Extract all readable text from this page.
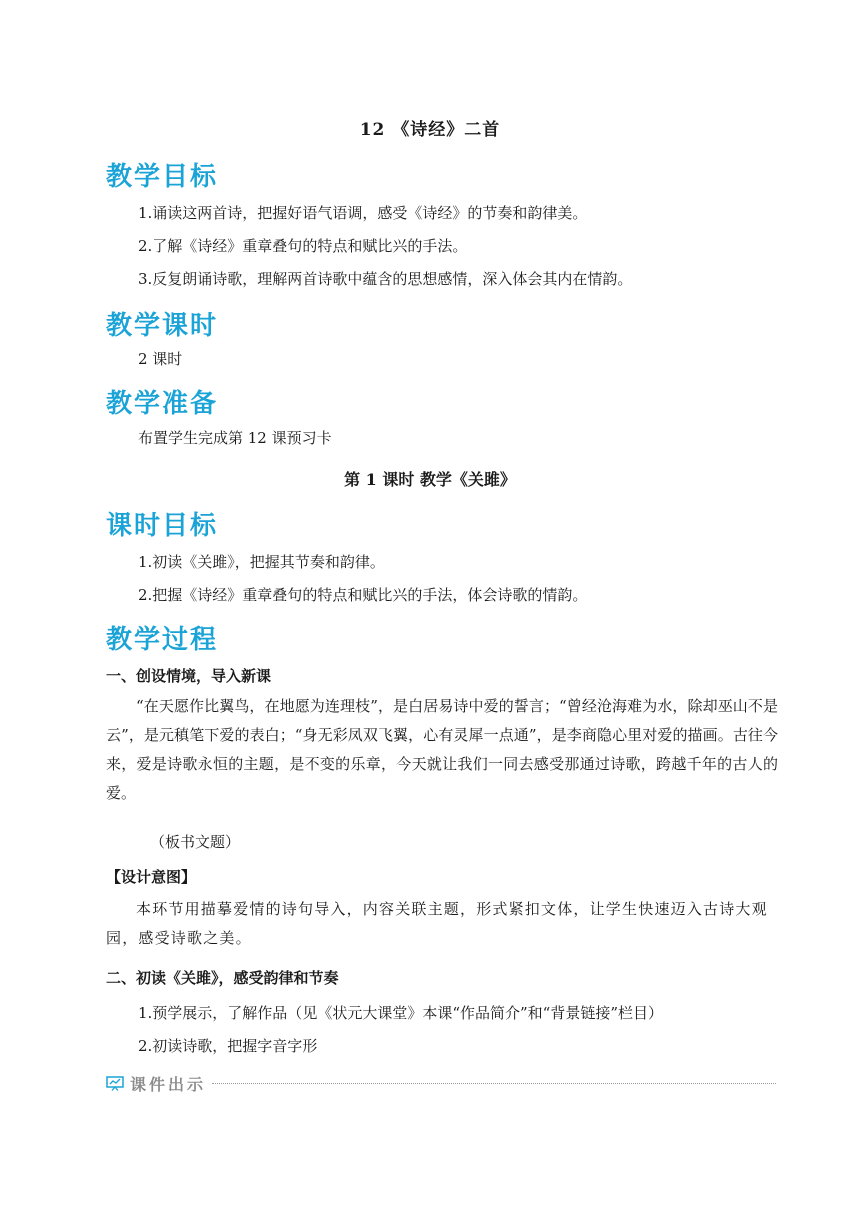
12 《诗经》二首
教学目标
1.诵读这两首诗，把握好语气语调，感受《诗经》的节奏和韵律美。
2.了解《诗经》重章叠句的特点和赋比兴的手法。
3.反复朗诵诗歌，理解两首诗歌中蕴含的思想感情，深入体会其内在情韵。
教学课时
2 课时
教学准备
布置学生完成第 12 课预习卡
第 1 课时 教学《关雎》
课时目标
1.初读《关雎》，把握其节奏和韵律。
2.把握《诗经》重章叠句的特点和赋比兴的手法，体会诗歌的情韵。
教学过程
一、创设情境，导入新课
“在天愿作比翼鸟，在地愿为连理枝”，是白居易诗中爱的誓言；“曾经沧海难为水，除却巫山不是云”，是元稹笔下爱的表白；“身无彩凤双飞翼，心有灵犀一点通”，是李商隐心里对爱的描画。古往今来，爱是诗歌永恒的主题，是不变的乐章，今天就让我们一同去感受那通过诗歌，跨越千年的古人的爱。
（板书文题）
【设计意图】
本环节用描摹爱情的诗句导入，内容关联主题，形式紧扣文体，让学生快速迈入古诗大观园，感受诗歌之美。
二、初读《关雎》，感受韵律和节奏
1.预学展示，了解作品（见《状元大课堂》本课“作品简介”和“背景链接”栏目）
2.初读诗歌，把握字音字形
课件出示
